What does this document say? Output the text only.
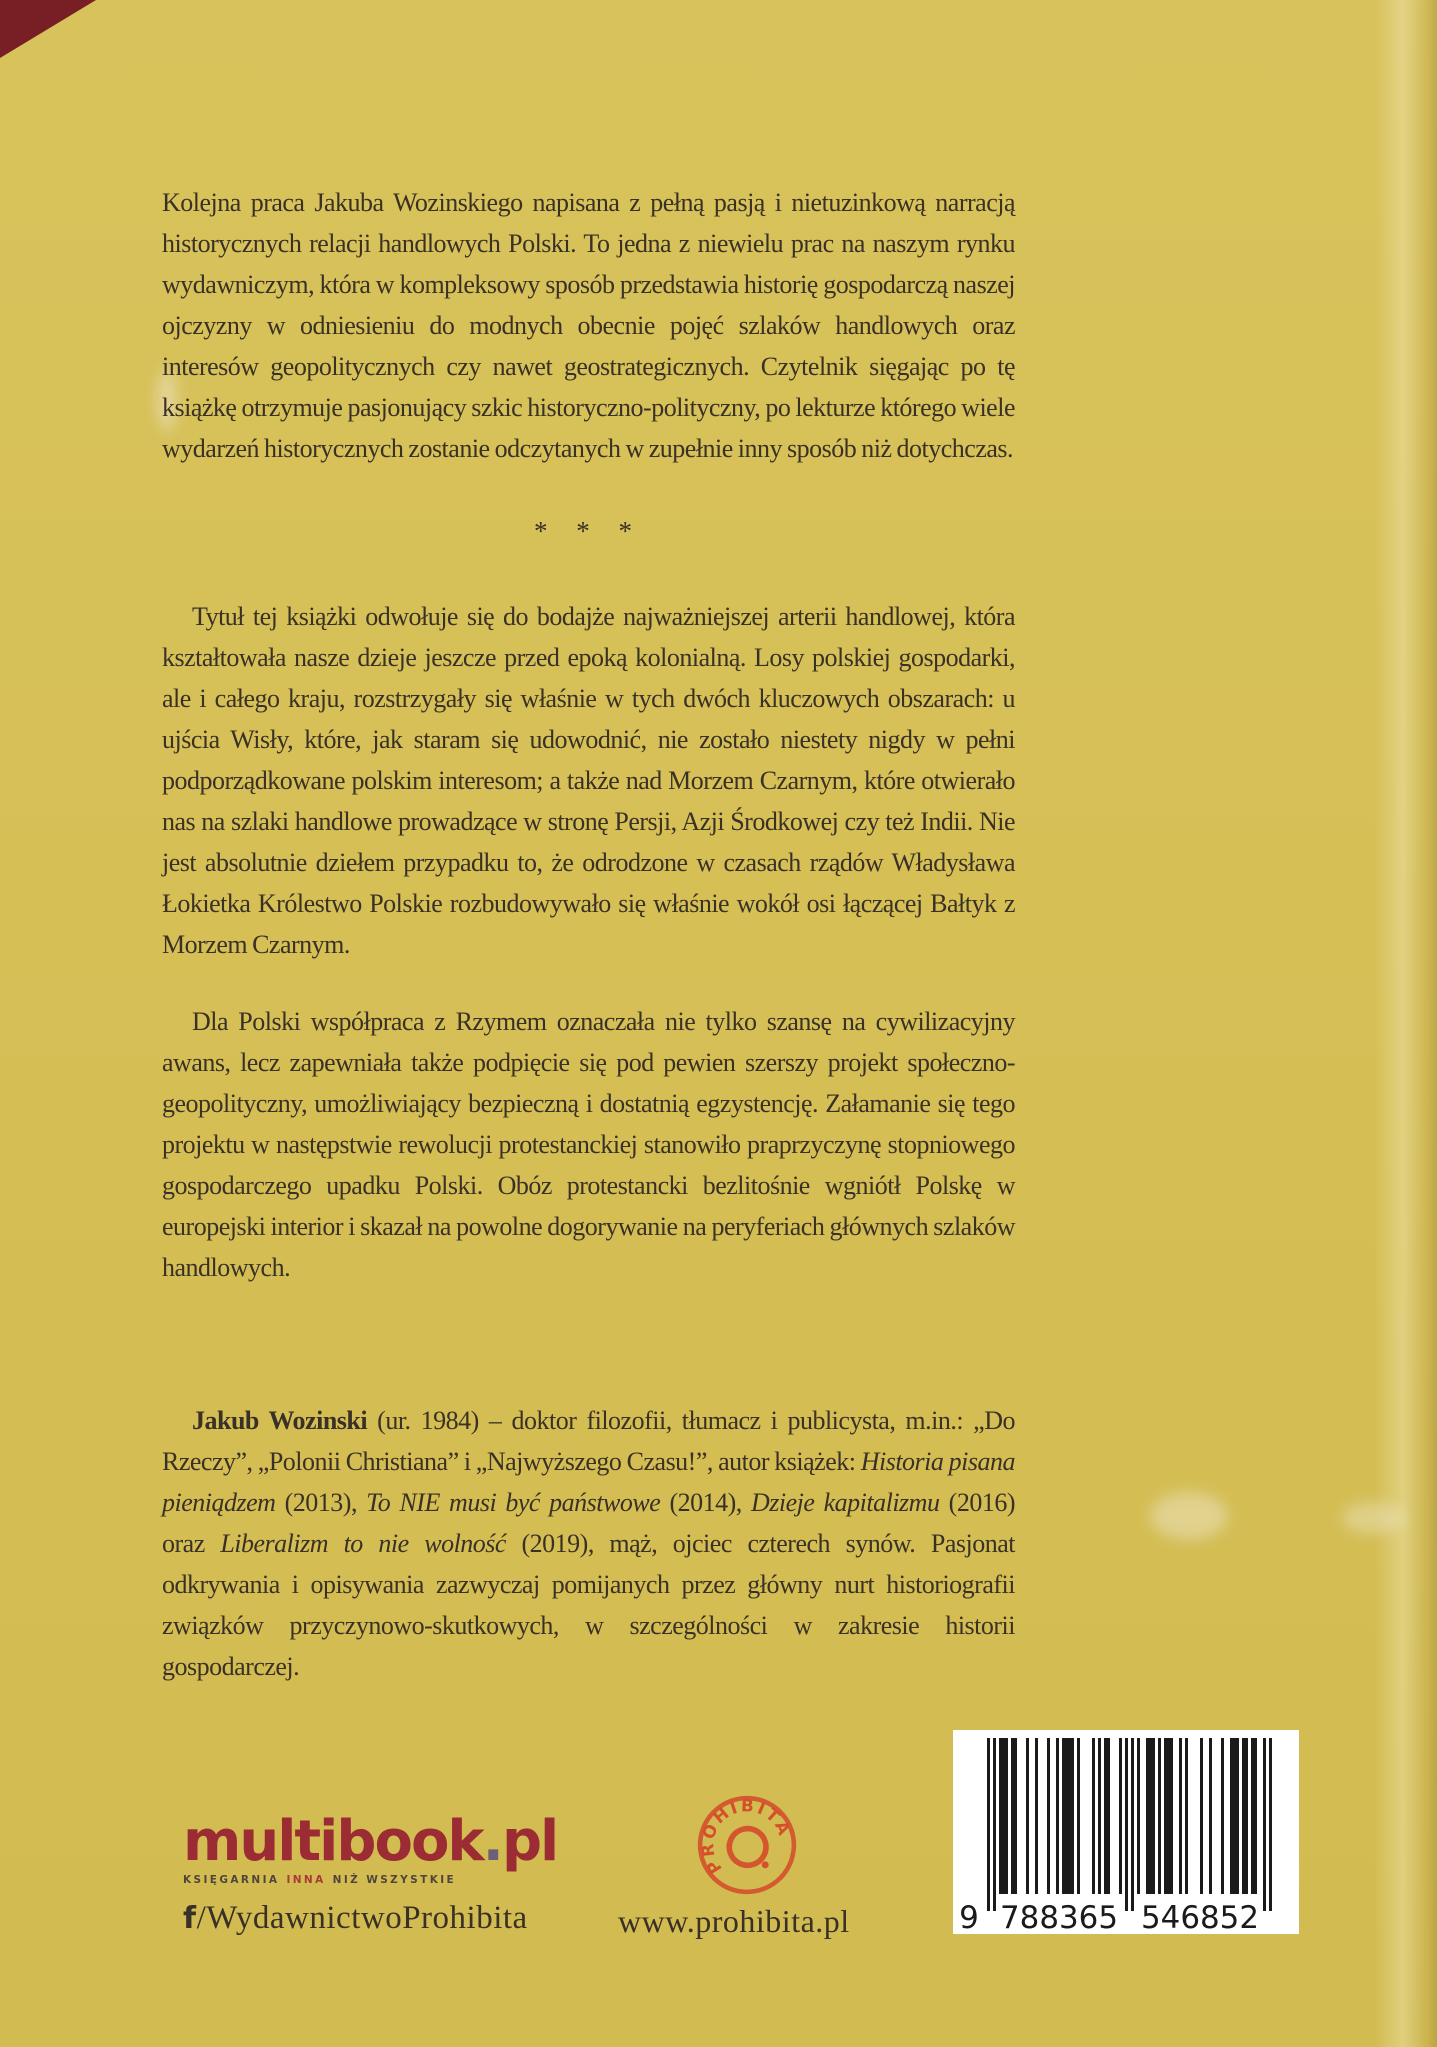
Kolejna praca Jakuba Wozinskiego napisana z pełną pasją i nietuzinkową narracją historycznych relacji handlowych Polski. To jedna z niewielu prac na naszym rynku wydawniczym, która w kompleksowy sposób przedstawia historię gospodarczą naszej ojczyzny w odniesieniu do modnych obecnie pojęć szlaków handlowych oraz interesów geopolitycznych czy nawet geostrategicznych. Czytelnik sięgając po tę książkę otrzymuje pasjonujący szkic historyczno-polityczny, po lekturze którego wiele wydarzeń historycznych zostanie odczytanych w zupełnie inny sposób niż dotychczas.

* * *

Tytuł tej książki odwołuje się do bodajże najważniejszej arterii handlowej, która kształtowała nasze dzieje jeszcze przed epoką kolonialną. Losy polskiej gospodarki, ale i całego kraju, rozstrzygały się właśnie w tych dwóch kluczowych obszarach: u ujścia Wisły, które, jak staram się udowodnić, nie zostało niestety nigdy w pełni podporządkowane polskim interesom; a także nad Morzem Czarnym, które otwierało nas na szlaki handlowe prowadzące w stronę Persji, Azji Środkowej czy też Indii. Nie jest absolutnie dziełem przypadku to, że odrodzone w czasach rządów Władysława Łokietka Królestwo Polskie rozbudowywało się właśnie wokół osi łączącej Bałtyk z Morzem Czarnym.

Dla Polski współpraca z Rzymem oznaczała nie tylko szansę na cywilizacyjny awans, lecz zapewniała także podpięcie się pod pewien szerszy projekt społeczno-geopolityczny, umożliwiający bezpieczną i dostatnią egzystencję. Załamanie się tego projektu w następstwie rewolucji protestanckiej stanowiło praprzyczynę stopniowego gospodarczego upadku Polski. Obóz protestancki bezlitośnie wgniótł Polskę w europejski interior i skazał na powolne dogorywanie na peryferiach głównych szlaków handlowych.

Jakub Wozinski (ur. 1984) – doktor filozofii, tłumacz i publicysta, m.in.: „Do Rzeczy”, „Polonii Christiana” i „Najwyższego Czasu!”, autor książek: Historia pisana pieniądzem (2013), To NIE musi być państwowe (2014), Dzieje kapitalizmu (2016) oraz Liberalizm to nie wolność (2019), mąż, ojciec czterech synów. Pasjonat odkrywania i opisywania zazwyczaj pomijanych przez główny nurt historiografii związków przyczynowo-skutkowych, w szczególności w zakresie historii gospodarczej.

multibook.pl
KSIĘGARNIA INNA NIŻ WSZYSTKIE
f/WydawnictwoProhibita
PROHIBITA
www.prohibita.pl	9 788365 546852
